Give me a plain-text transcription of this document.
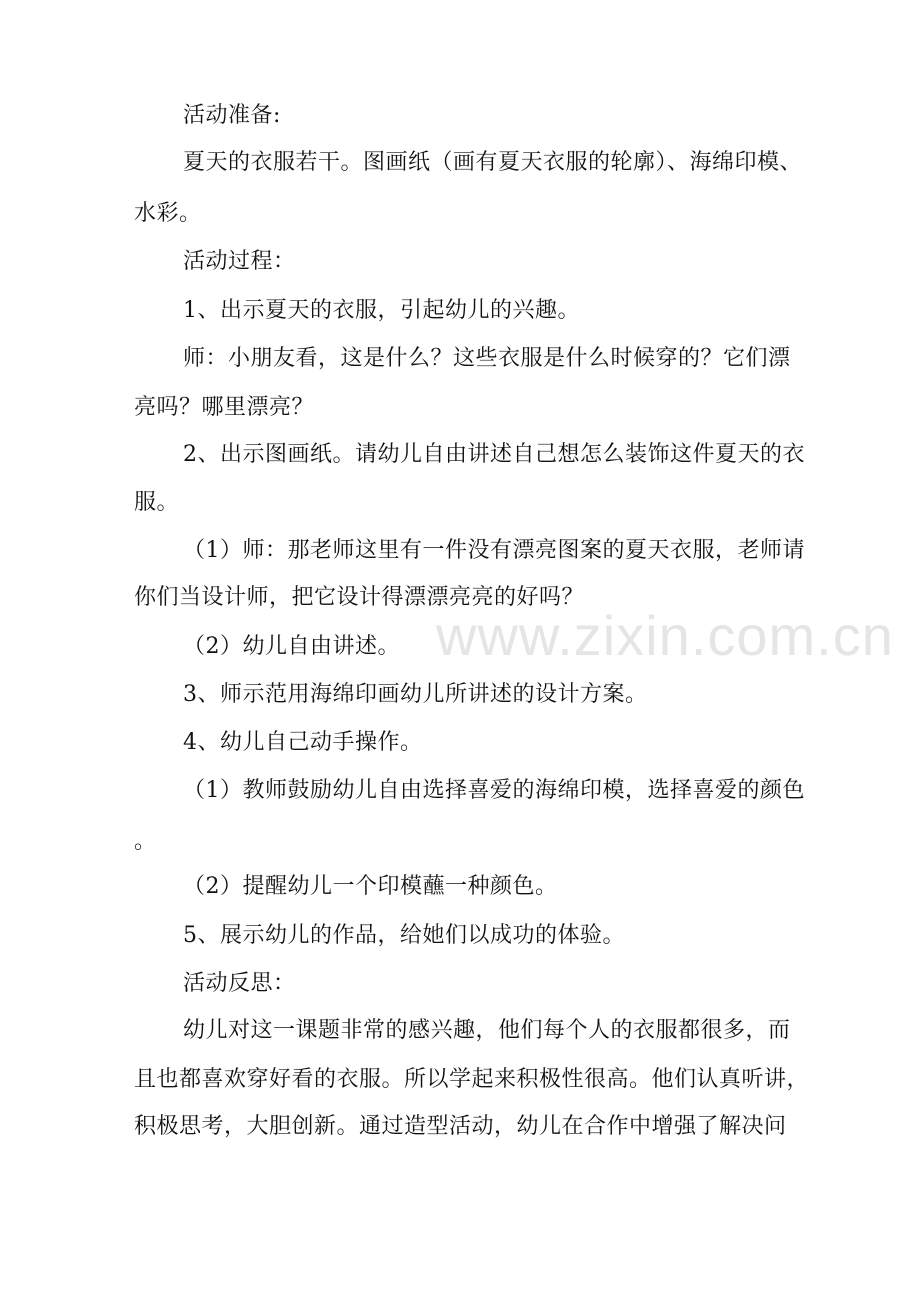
活动准备:
夏天的衣服若干。图画纸（画有夏天衣服的轮廓）、海绵印模、
水彩。
活动过程：
1、出示夏天的衣服，引起幼儿的兴趣。
师：小朋友看，这是什么？这些衣服是什么时候穿的？它们漂
亮吗？哪里漂亮？
2、出示图画纸。请幼儿自由讲述自己想怎么装饰这件夏天的衣
服。
（1）师：那老师这里有一件没有漂亮图案的夏天衣服，老师请
你们当设计师，把它设计得漂漂亮亮的好吗？
（2）幼儿自由讲述。
3、师示范用海绵印画幼儿所讲述的设计方案。
4、幼儿自己动手操作。
（1）教师鼓励幼儿自由选择喜爱的海绵印模，选择喜爱的颜色
。
（2）提醒幼儿一个印模蘸一种颜色。
5、展示幼儿的作品，给她们以成功的体验。
活动反思：
幼儿对这一课题非常的感兴趣，他们每个人的衣服都很多，而
且也都喜欢穿好看的衣服。所以学起来积极性很高。他们认真听讲，
积极思考，大胆创新。通过造型活动，幼儿在合作中增强了解决问
www.zixin.com.cn
